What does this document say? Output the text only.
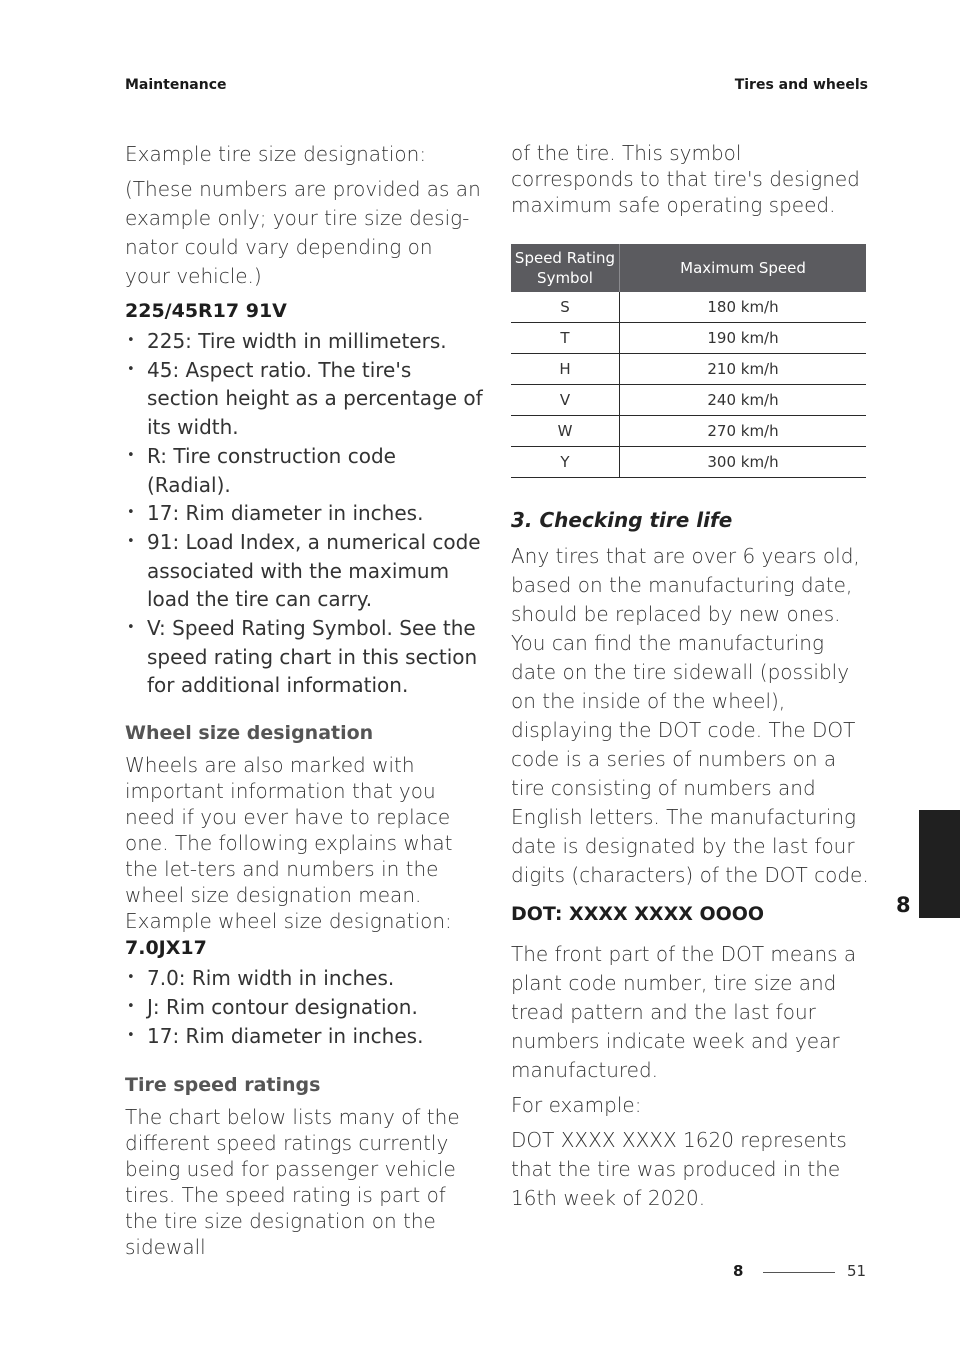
Maintenance	Tires and wheels

Example tire size designation:

(These numbers are provided as an example only; your tire size desig-nator could vary depending on your vehicle.)

225/45R17 91V

• 225: Tire width in millimeters.
• 45: Aspect ratio. The tire's section height as a percentage of its width.
• R: Tire construction code (Radial).
• 17: Rim diameter in inches.
• 91: Load Index, a numerical code associated with the maximum load the tire can carry.
• V: Speed Rating Symbol. See the speed rating chart in this section for additional information.
Wheel size designation

Wheels are also marked with important information that you need if you ever have to replace one. The following explains what the let-ters and numbers in the wheel size designation mean.

Example wheel size designation:

7.0JX17

• 7.0: Rim width in inches.
• J: Rim contour designation.
• 17: Rim diameter in inches.
Tire speed ratings

The chart below lists many of the different speed ratings currently being used for passenger vehicle tires. The speed rating is part of the tire size designation on the sidewall

of the tire. This symbol corresponds to that tire's designed maximum safe operating speed.

Speed Rating Symbol	Maximum Speed
S	180 km/h
T	190 km/h
H	210 km/h
V	240 km/h
W	270 km/h
Y	300 km/h
3. Checking tire life

Any tires that are over 6 years old, based on the manufacturing date, should be replaced by new ones. You can find the manufacturing date on the tire sidewall (possibly on the inside of the wheel), displaying the DOT code. The DOT code is a series of numbers on a tire consisting of numbers and English letters. The manufacturing date is designated by the last four digits (characters) of the DOT code.

DOT: XXXX XXXX OOOO

The front part of the DOT means a plant code number, tire size and tread pattern and the last four numbers indicate week and year manufactured.

For example:

DOT XXXX XXXX 1620 represents that the tire was produced in the 16th week of 2020.

8
8	51
